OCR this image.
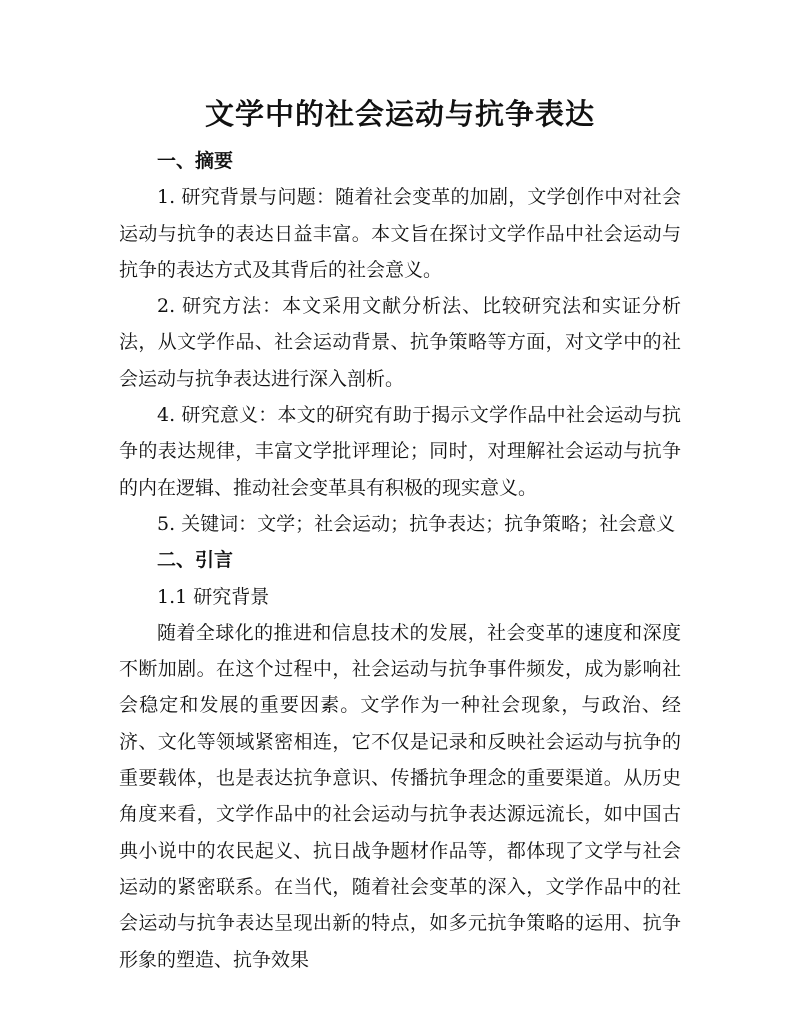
文学中的社会运动与抗争表达
一、摘要

1. 研究背景与问题：随着社会变革的加剧，文学创作中对社会运动与抗争的表达日益丰富。本文旨在探讨文学作品中社会运动与抗争的表达方式及其背后的社会意义。

2. 研究方法：本文采用文献分析法、比较研究法和实证分析法，从文学作品、社会运动背景、抗争策略等方面，对文学中的社会运动与抗争表达进行深入剖析。

4. 研究意义：本文的研究有助于揭示文学作品中社会运动与抗争的表达规律，丰富文学批评理论；同时，对理解社会运动与抗争的内在逻辑、推动社会变革具有积极的现实意义。

5. 关键词：文学；社会运动；抗争表达；抗争策略；社会意义

二、引言

1.1 研究背景

随着全球化的推进和信息技术的发展，社会变革的速度和深度不断加剧。在这个过程中，社会运动与抗争事件频发，成为影响社会稳定和发展的重要因素。文学作为一种社会现象，与政治、经济、文化等领域紧密相连，它不仅是记录和反映社会运动与抗争的重要载体，也是表达抗争意识、传播抗争理念的重要渠道。从历史角度来看，文学作品中的社会运动与抗争表达源远流长，如中国古典小说中的农民起义、抗日战争题材作品等，都体现了文学与社会运动的紧密联系。在当代，随着社会变革的深入，文学作品中的社会运动与抗争表达呈现出新的特点，如多元抗争策略的运用、抗争形象的塑造、抗争效果
